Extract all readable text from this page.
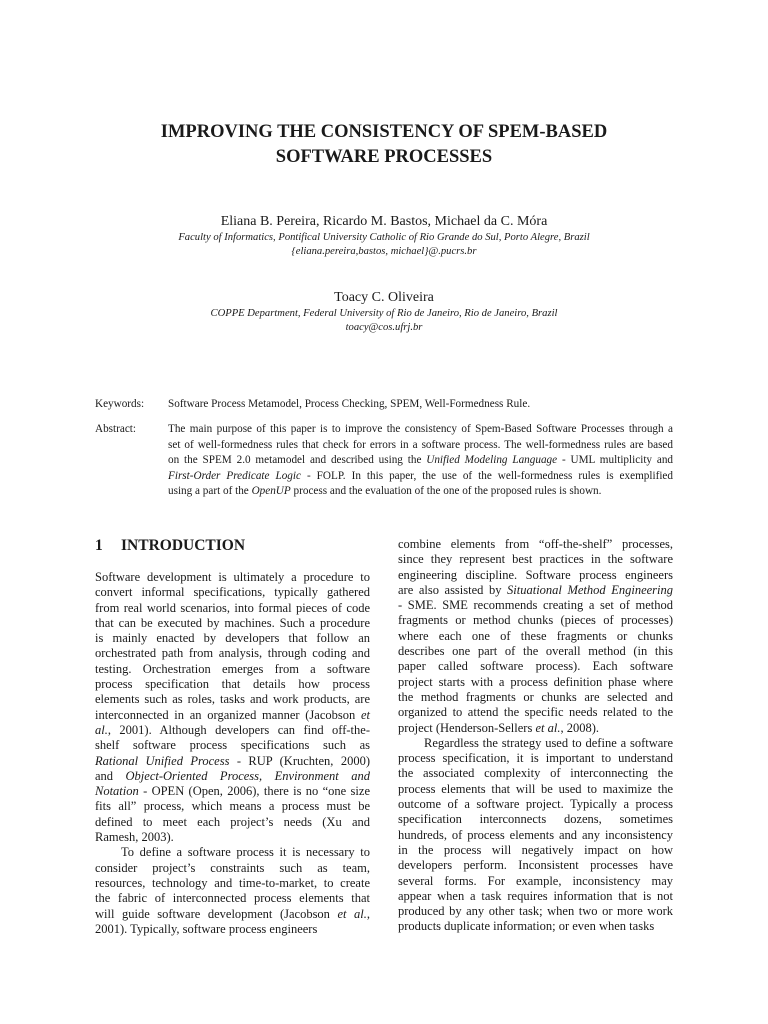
IMPROVING THE CONSISTENCY OF SPEM-BASED
SOFTWARE PROCESSES
Eliana B. Pereira, Ricardo M. Bastos, Michael da C. Móra
Faculty of Informatics, Pontifical University Catholic of Rio Grande do Sul, Porto Alegre, Brazil
{eliana.pereira,bastos, michael}@.pucrs.br
Toacy C. Oliveira
COPPE Department, Federal University of Rio de Janeiro, Rio de Janeiro, Brazil
toacy@cos.ufrj.br
Keywords: Software Process Metamodel, Process Checking, SPEM, Well-Formedness Rule.
Abstract:	The main purpose of this paper is to improve the consistency of Spem-Based Software Processes through a
set of well-formedness rules that check for errors in a software process. The well-formedness rules are based
on the SPEM 2.0 metamodel and described using the Unified Modeling Language - UML multiplicity and
First-Order Predicate Logic - FOLP. In this paper, the use of the well-formedness rules is exemplified
using a part of the OpenUP process and the evaluation of the one of the proposed rules is shown.
1 INTRODUCTION
Software development is ultimately a procedure to
convert informal specifications, typically gathered
from real world scenarios, into formal pieces of code
that can be executed by machines. Such a procedure
is mainly enacted by developers that follow an
orchestrated path from analysis, through coding and
testing. Orchestration emerges from a software
process specification that details how process
elements such as roles, tasks and work products, are
interconnected in an organized manner (Jacobson et
al., 2001). Although developers can find off-the-
shelf software process specifications such as
Rational Unified Process - RUP (Kruchten, 2000)
and Object-Oriented Process, Environment and
Notation - OPEN (Open, 2006), there is no “one size
fits all” process, which means a process must be
defined to meet each project’s needs (Xu and
Ramesh, 2003).
To define a software process it is necessary to
consider project’s constraints such as team,
resources, technology and time-to-market, to create
the fabric of interconnected process elements that
will guide software development (Jacobson et al.,
2001). Typically, software process engineers
combine elements from “off-the-shelf” processes,
since they represent best practices in the software
engineering discipline. Software process engineers
are also assisted by Situational Method Engineering
- SME. SME recommends creating a set of method
fragments or method chunks (pieces of processes)
where each one of these fragments or chunks
describes one part of the overall method (in this
paper called software process). Each software
project starts with a process definition phase where
the method fragments or chunks are selected and
organized to attend the specific needs related to the
project (Henderson-Sellers et al., 2008).
Regardless the strategy used to define a software
process specification, it is important to understand
the associated complexity of interconnecting the
process elements that will be used to maximize the
outcome of a software project. Typically a process
specification interconnects dozens, sometimes
hundreds, of process elements and any inconsistency
in the process will negatively impact on how
developers perform. Inconsistent processes have
several forms. For example, inconsistency may
appear when a task requires information that is not
produced by any other task; when two or more work
products duplicate information; or even when tasks
